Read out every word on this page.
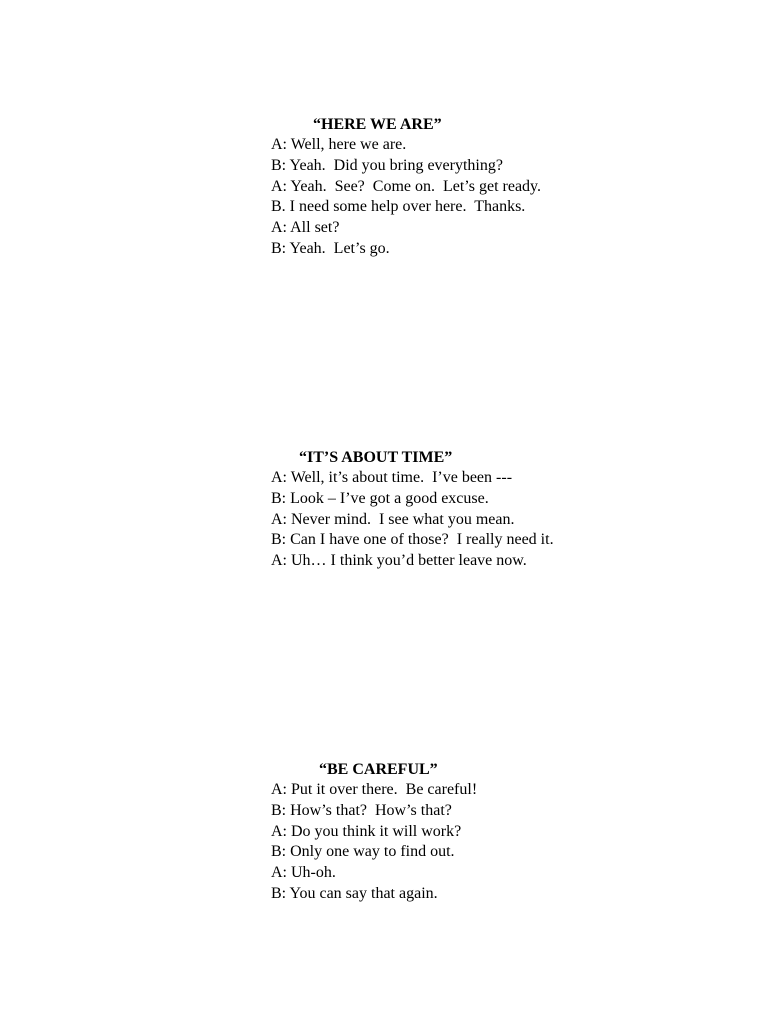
“HERE WE ARE”
A: Well, here we are.
B: Yeah.  Did you bring everything?
A: Yeah.  See?  Come on.  Let’s get ready.
B. I need some help over here.  Thanks.
A: All set?
B: Yeah.  Let’s go.
“IT’S ABOUT TIME”
A: Well, it’s about time.  I’ve been ---
B: Look – I’ve got a good excuse.
A: Never mind.  I see what you mean.
B: Can I have one of those?  I really need it.
A: Uh… I think you’d better leave now.
“BE CAREFUL”
A: Put it over there.  Be careful!
B: How’s that?  How’s that?
A: Do you think it will work?
B: Only one way to find out.
A: Uh-oh.
B: You can say that again.
